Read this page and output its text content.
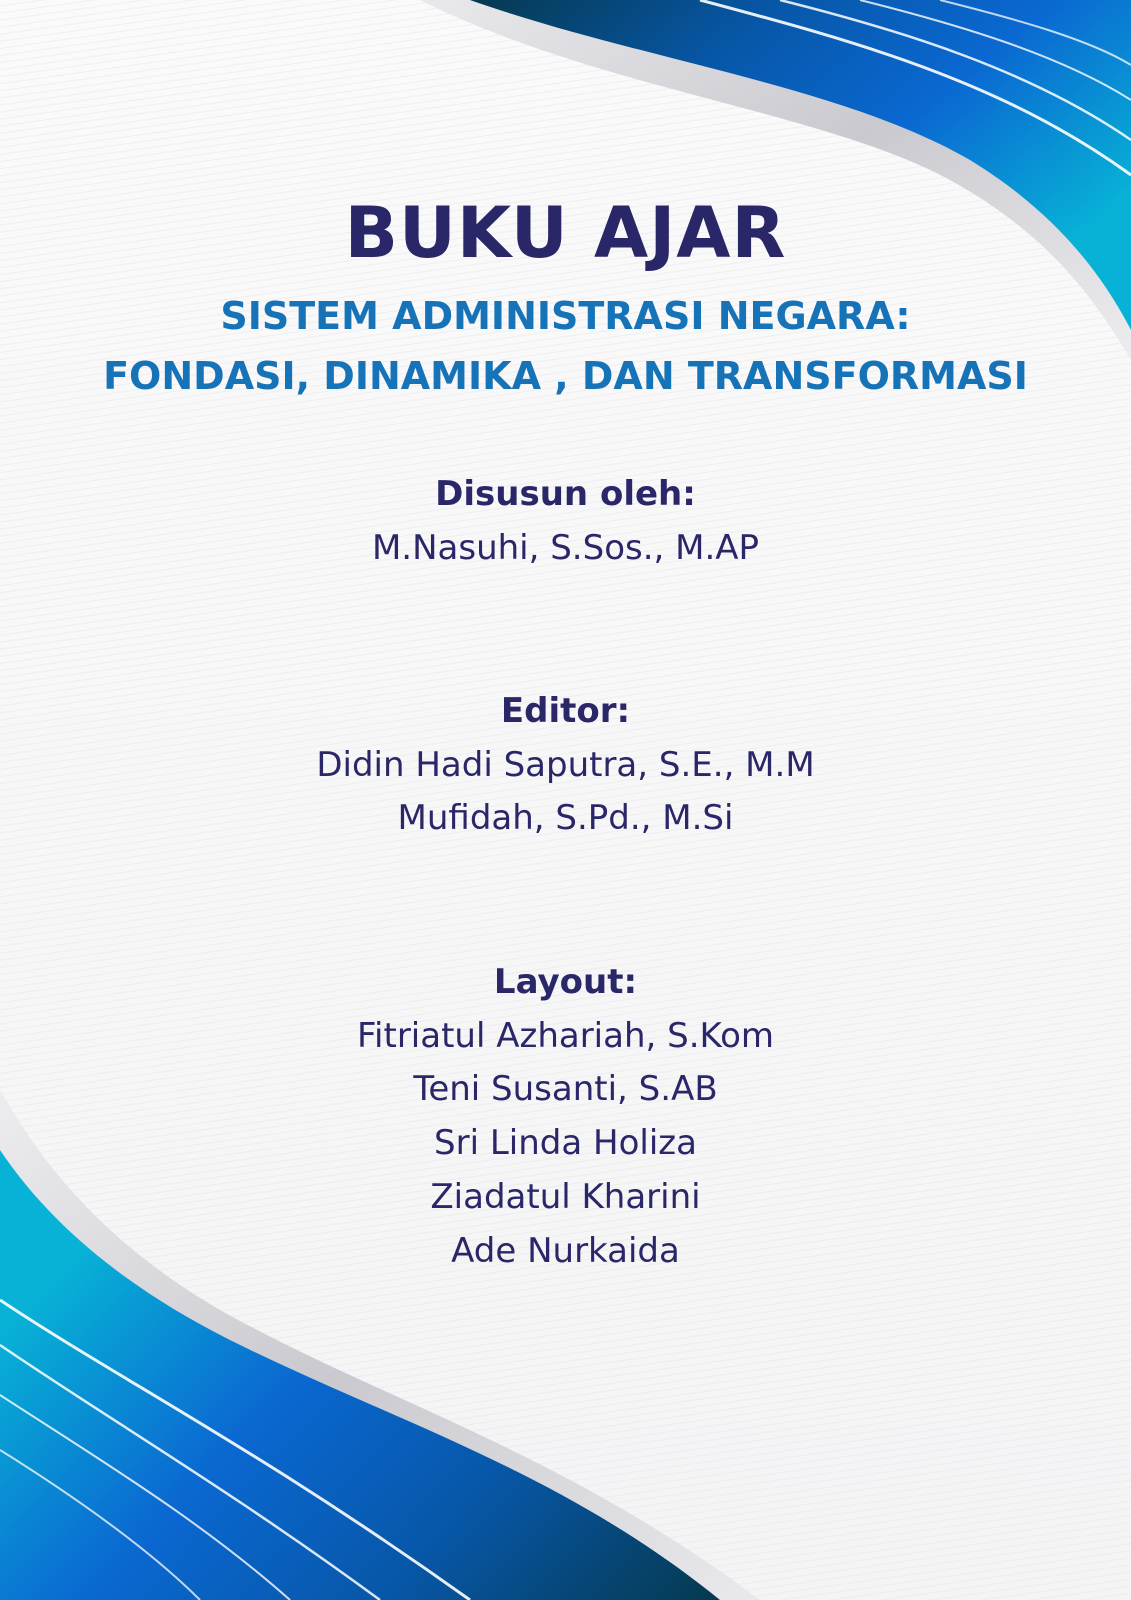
BUKU AJAR

SISTEM ADMINISTRASI NEGARA:

FONDASI, DINAMIKA , DAN TRANSFORMASI

Disusun oleh:

M.Nasuhi, S.Sos., M.AP

Editor:

Didin Hadi Saputra, S.E., M.M

Mufidah, S.Pd., M.Si

Layout:

Fitriatul Azhariah, S.Kom

Teni Susanti, S.AB

Sri Linda Holiza

Ziadatul Kharini

Ade Nurkaida
